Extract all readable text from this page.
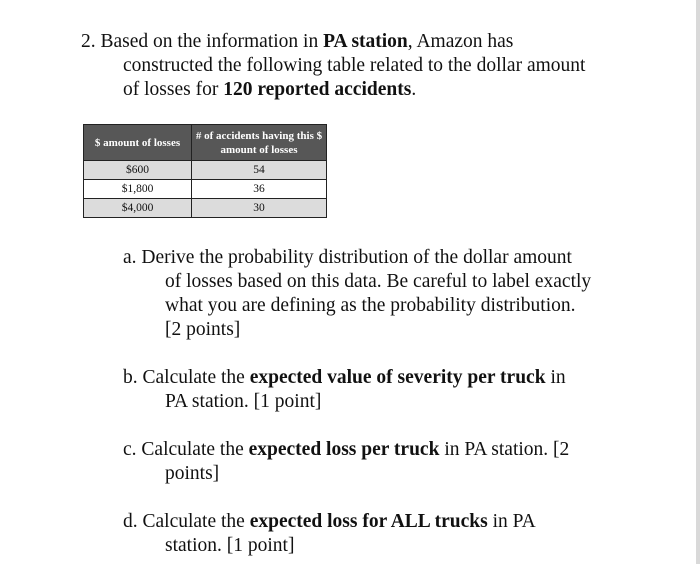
2. Based on the information in PA station, Amazon has
constructed the following table related to the dollar amount
of losses for 120 reported accidents.
$ amount of losses	# of accidents having this $ amount of losses
$600	54
$1,800	36
$4,000	30
a. Derive the probability distribution of the dollar amount
of losses based on this data. Be careful to label exactly
what you are defining as the probability distribution.
[2 points]
b. Calculate the expected value of severity per truck in
PA station. [1 point]
c. Calculate the expected loss per truck in PA station. [2
points]
d. Calculate the expected loss for ALL trucks in PA
station. [1 point]
